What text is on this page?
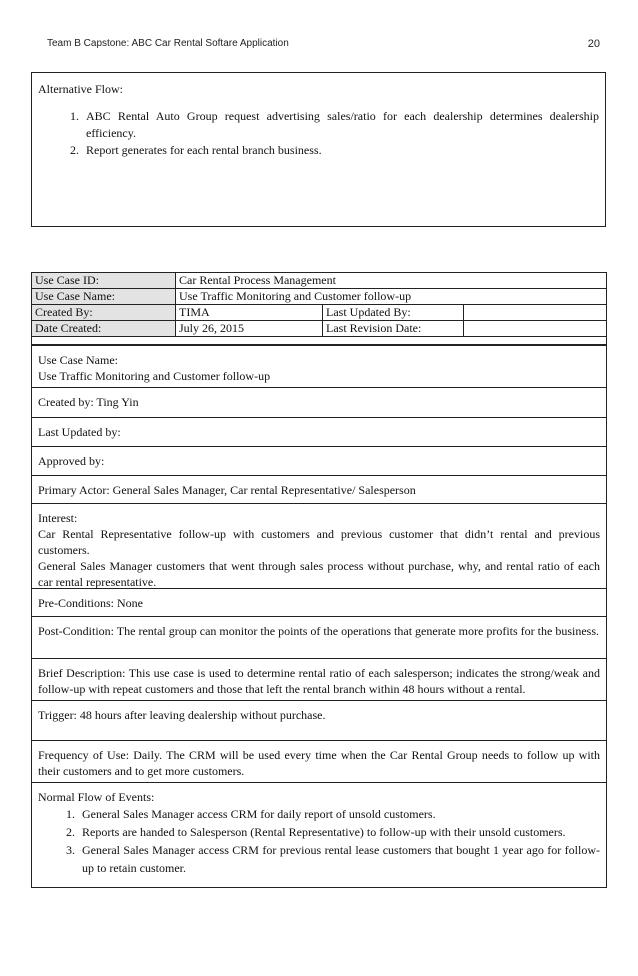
Team B Capstone: ABC Car Rental Softare Application	20
Alternative Flow:
1. ABC Rental Auto Group request advertising sales/ratio for each dealership determines dealership efficiency.
2. Report generates for each rental branch business.
Use Case ID:	Car Rental Process Management		
Use Case Name:	Use Traffic Monitoring and Customer follow-up		
Created By:	TIMA	Last Updated By:	
Date Created:	July 26, 2015	Last Revision Date:	
Use Case Name:
Use Traffic Monitoring and Customer follow-up
Created by: Ting Yin
Last Updated by:
Approved by:
Primary Actor: General Sales Manager, Car rental Representative/ Salesperson
Interest:
Car Rental Representative follow-up with customers and previous customer that didn’t rental and previous customers.
General Sales Manager customers that went through sales process without purchase, why, and rental ratio of each car rental representative.
Pre-Conditions: None
Post-Condition: The rental group can monitor the points of the operations that generate more profits for the business.
Brief Description: This use case is used to determine rental ratio of each salesperson; indicates the strong/weak and follow-up with repeat customers and those that left the rental branch within 48 hours without a rental.
Trigger: 48 hours after leaving dealership without purchase.
Frequency of Use: Daily. The CRM will be used every time when the Car Rental Group needs to follow up with their customers and to get more customers.
Normal Flow of Events:
1. General Sales Manager access CRM for daily report of unsold customers.
2. Reports are handed to Salesperson (Rental Representative) to follow-up with their unsold customers.
3. General Sales Manager access CRM for previous rental lease customers that bought 1 year ago for follow-up to retain customer.
